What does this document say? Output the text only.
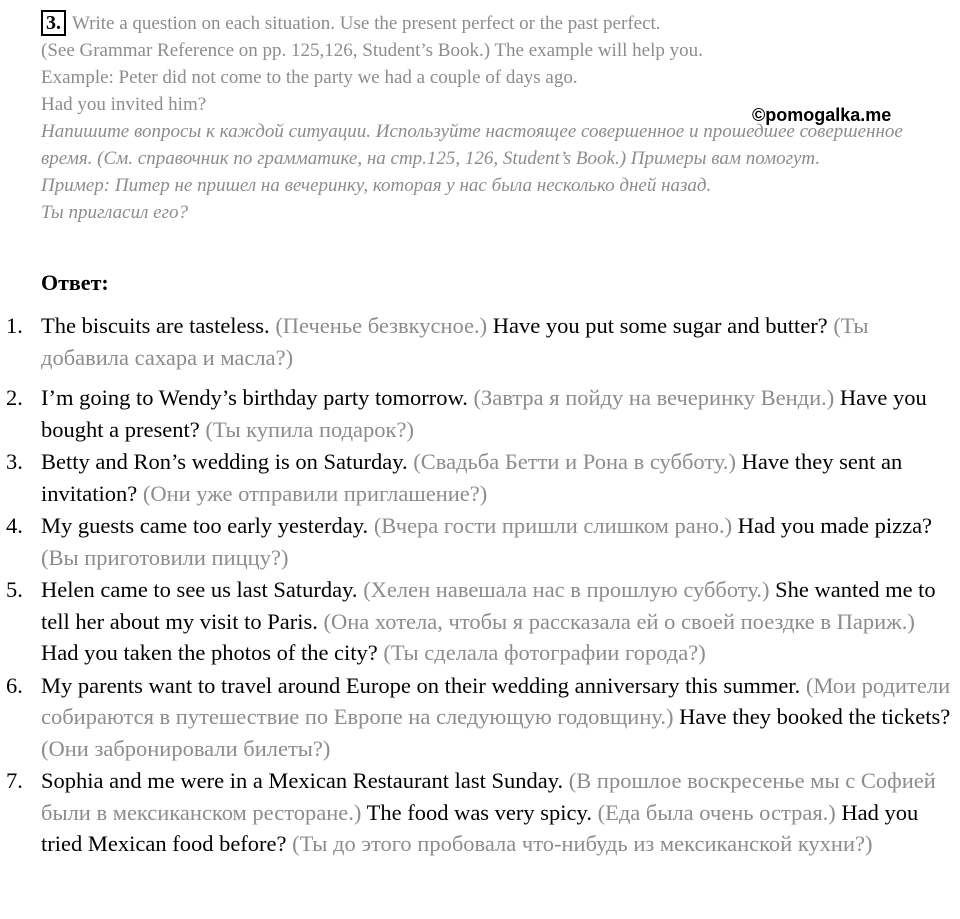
3. Write a question on each situation. Use the present perfect or the past perfect.
(See Grammar Reference on pp. 125,126, Student’s Book.) The example will help you.
Example: Peter did not come to the party we had a couple of days ago.
Had you invited him?
Напишите вопросы к каждой ситуации. Используйте настоящее совершенное и прошедшее совершенное время. (См. справочник по грамматике, на стр.125, 126, Student’s Book.) Примеры вам помогут.
Пример: Питер не пришел на вечеринку, которая у нас была несколько дней назад.
Ты пригласил его?
©pomogalka.me
Ответ:
1. The biscuits are tasteless. (Печенье безвкусное.) Have you put some sugar and butter? (Ты добавила сахара и масла?)
2. I’m going to Wendy’s birthday party tomorrow. (Завтра я пойду на вечеринку Венди.) Have you bought a present? (Ты купила подарок?)
3. Betty and Ron’s wedding is on Saturday. (Свадьба Бетти и Рона в субботу.) Have they sent an invitation? (Они уже отправили приглашение?)
4. My guests came too early yesterday. (Вчера гости пришли слишком рано.) Had you made pizza? (Вы приготовили пиццу?)
5. Helen came to see us last Saturday. (Хелен навешала нас в прошлую субботу.) She wanted me to tell her about my visit to Paris. (Она хотела, чтобы я рассказала ей о своей поездке в Париж.) Had you taken the photos of the city? (Ты сделала фотографии города?)
6. My parents want to travel around Europe on their wedding anniversary this summer. (Мои родители собираются в путешествие по Европе на следующую годовщину.) Have they booked the tickets? (Они забронировали билеты?)
7. Sophia and me were in a Mexican Restaurant last Sunday. (В прошлое воскресенье мы с Софией были в мексиканском ресторане.) The food was very spicy. (Еда была очень острая.) Had you tried Mexican food before? (Ты до этого пробовала что-нибудь из мексиканской кухни?)
